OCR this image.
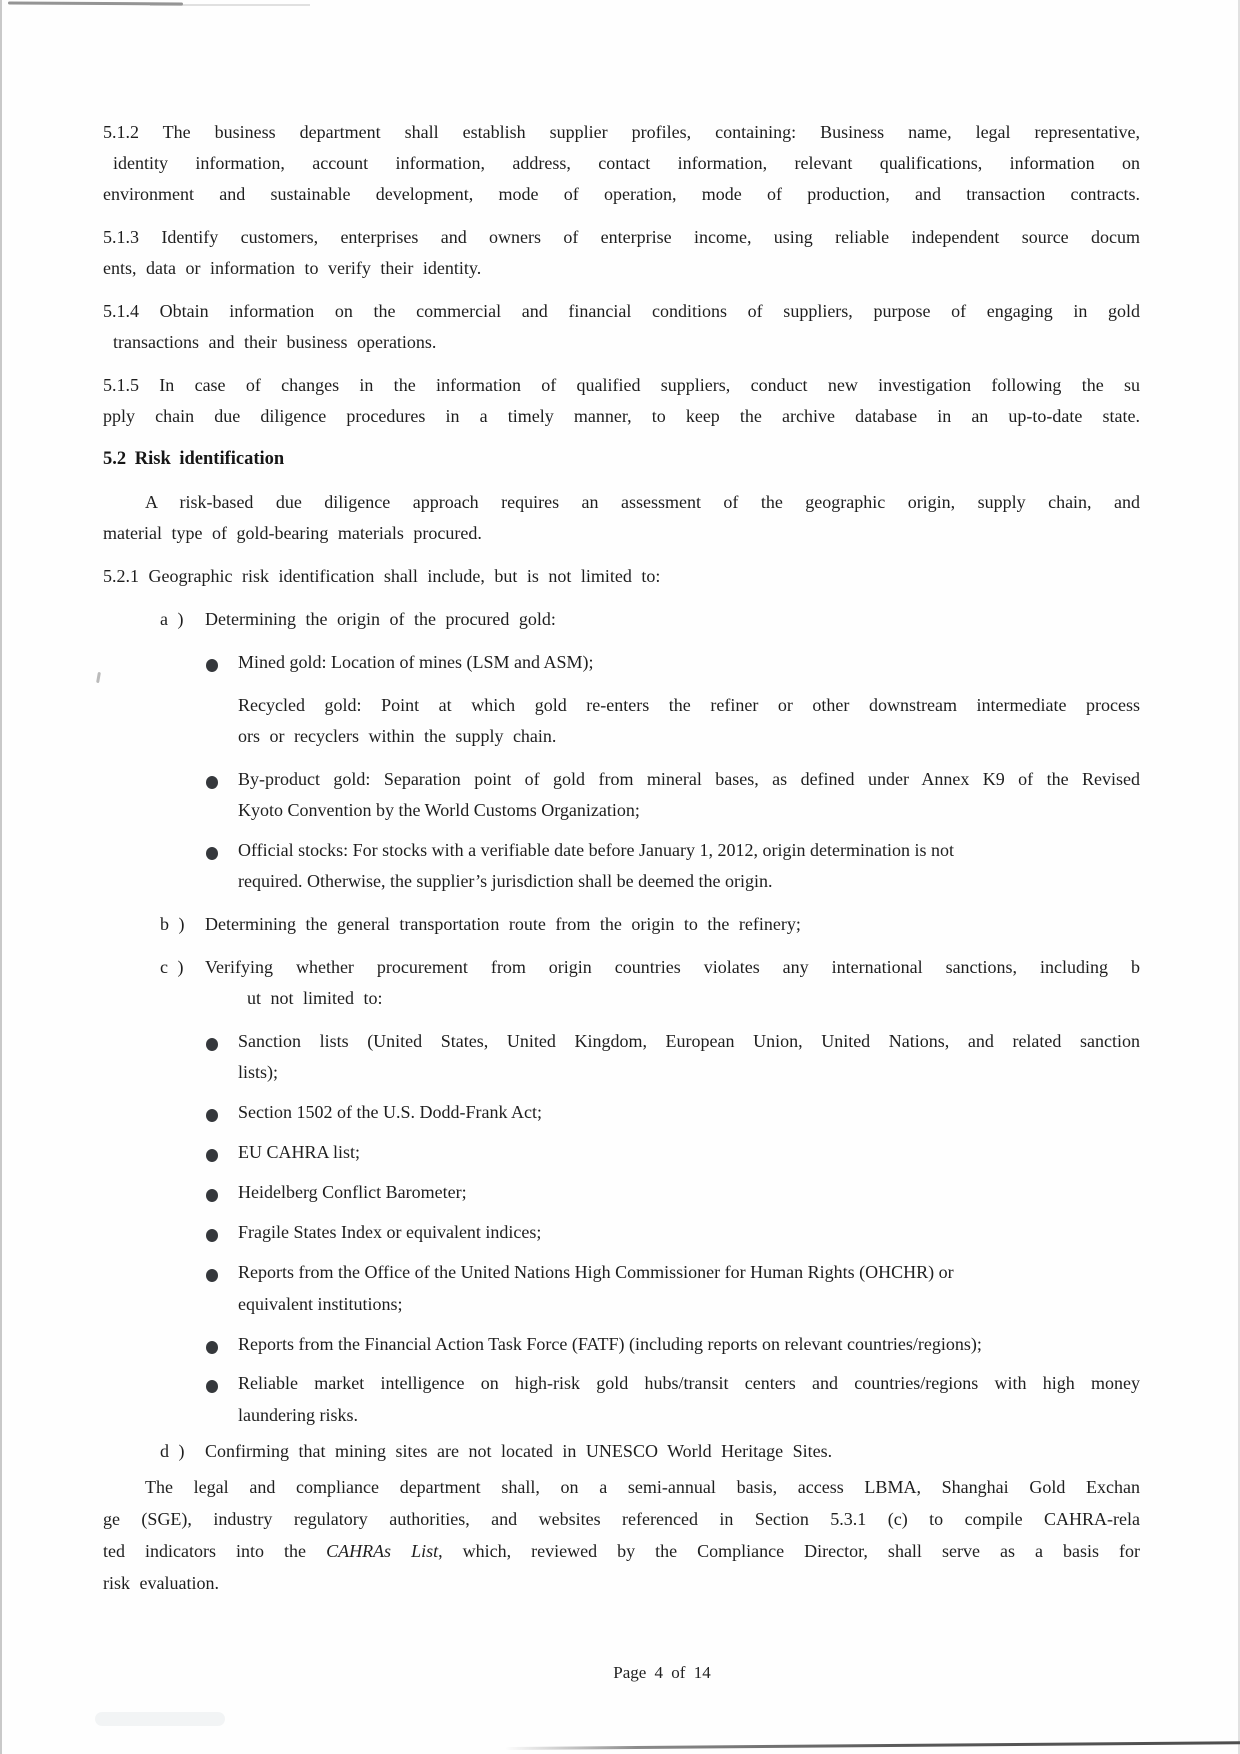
5.1.2 The business department shall establish supplier profiles, containing: Business name, legal representative,
identity information, account information, address, contact information, relevant qualifications, information on
environment and sustainable development, mode of operation, mode of production, and transaction contracts.
5.1.3 Identify customers, enterprises and owners of enterprise income, using reliable independent source docum
ents, data or information to verify their identity.
5.1.4 Obtain information on the commercial and financial conditions of suppliers, purpose of engaging in gold
transactions and their business operations.
5.1.5 In case of changes in the information of qualified suppliers, conduct new investigation following the su
pply chain due diligence procedures in a timely manner, to keep the archive database in an up-to-date state.
5.2 Risk identification
A risk-based due diligence approach requires an assessment of the geographic origin, supply chain, and
material type of gold-bearing materials procured.
5.2.1 Geographic risk identification shall include, but is not limited to:
a ) Determining the origin of the procured gold:
Mined gold: Location of mines (LSM and ASM);
Recycled gold: Point at which gold re-enters the refiner or other downstream intermediate process
ors or recyclers within the supply chain.
By-product gold: Separation point of gold from mineral bases, as defined under Annex K9 of the Revised
Kyoto Convention by the World Customs Organization;
Official stocks: For stocks with a verifiable date before January 1, 2012, origin determination is not
required. Otherwise, the supplier’s jurisdiction shall be deemed the origin.
b ) Determining the general transportation route from the origin to the refinery;
c ) Verifying whether procurement from origin countries violates any international sanctions, including b
ut not limited to:
Sanction lists (United States, United Kingdom, European Union, United Nations, and related sanction
lists);
Section 1502 of the U.S. Dodd-Frank Act;
EU CAHRA list;
Heidelberg Conflict Barometer;
Fragile States Index or equivalent indices;
Reports from the Office of the United Nations High Commissioner for Human Rights (OHCHR) or
equivalent institutions;
Reports from the Financial Action Task Force (FATF) (including reports on relevant countries/regions);
Reliable market intelligence on high-risk gold hubs/transit centers and countries/regions with high money
laundering risks.
d ) Confirming that mining sites are not located in UNESCO World Heritage Sites.
The legal and compliance department shall, on a semi-annual basis, access LBMA, Shanghai Gold Exchan
ge (SGE), industry regulatory authorities, and websites referenced in Section 5.3.1 (c) to compile CAHRA-rela
ted indicators into the CAHRAs List, which, reviewed by the Compliance Director, shall serve as a basis for
risk evaluation.
Page 4 of 14
